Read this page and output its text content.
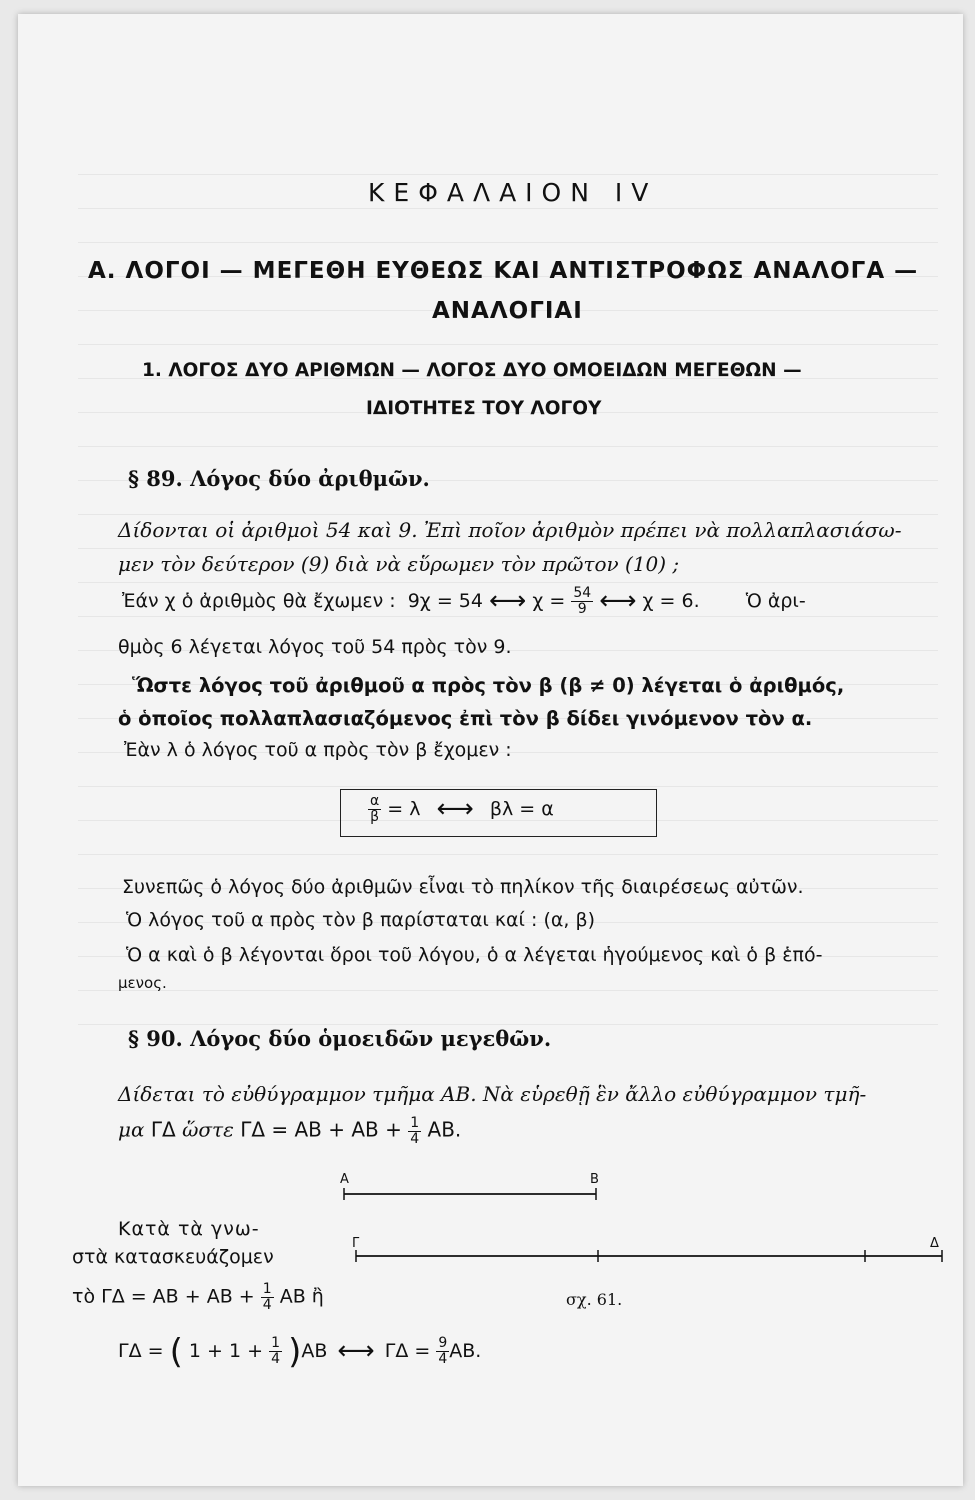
ΚΕΦΑΛΑΙΟΝ ΙV
Α. ΛΟΓΟΙ — ΜΕΓΕΘΗ ΕΥΘΕΩΣ ΚΑΙ ΑΝΤΙΣΤΡΟΦΩΣ ΑΝΑΛΟΓΑ —
ΑΝΑΛΟΓΙΑΙ
1. ΛΟΓΟΣ ΔΥΟ ΑΡΙΘΜΩΝ — ΛΟΓΟΣ ΔΥΟ ΟΜΟΕΙΔΩΝ ΜΕΓΕΘΩΝ —
ΙΔΙΟΤΗΤΕΣ ΤΟΥ ΛΟΓΟΥ
§ 89. Λόγος δύο ἀριθμῶν.
Δίδονται οἱ ἀριθμοὶ 54 καὶ 9. Ἐπὶ ποῖον ἀριθμὸν πρέπει νὰ πολλαπλασιάσω-
μεν τὸν δεύτερον (9) διὰ νὰ εὕρωμεν τὸν πρῶτον (10) ;
Ἐάν χ ὁ ἀριθμὸς θὰ ἔχωμεν : 9χ = 54 ⟷ $\chi = \frac{54}{9}$ ⟷ χ = 6. Ὁ ἀρι-
θμὸς 6 λέγεται λόγος τοῦ 54 πρὸς τὸν 9.
Ὥστε λόγος τοῦ ἀριθμοῦ α πρὸς τὸν β (β ≠ 0) λέγεται ὁ ἀριθμός,
ὁ ὁποῖος πολλαπλασιαζόμενος ἐπὶ τὸν β δίδει γινόμενον τὸν α.
Ἐὰν λ ὁ λόγος τοῦ α πρὸς τὸν β ἔχομεν :
$\frac{\alpha}{\beta} = \lambda$ ⟷ βλ = α
Συνεπῶς ὁ λόγος δύο ἀριθμῶν εἶναι τὸ πηλίκον τῆς διαιρέσεως αὐτῶν.
Ὁ λόγος τοῦ α πρὸς τὸν β παρίσταται καί : (α, β)
Ὁ α καὶ ὁ β λέγονται ὅροι τοῦ λόγου, ὁ α λέγεται ἡγούμενος καὶ ὁ β ἑπό-
μενος.
§ 90. Λόγος δύο ὁμοειδῶν μεγεθῶν.
Δίδεται τὸ εὐθύγραμμον τμῆμα ΑΒ. Νὰ εὑρεθῇ ἓν ἄλλο εὐθύγραμμον τμῆ-
μα ΓΔ ὥστε $\Gamma\Delta = AB + AB + \frac{1}{4} AB$.
Α	Β
Γ	Δ
σχ. 61.
Κατὰ τὰ γνω-
στὰ κατασκευάζομεν
τὸ $\Gamma\Delta = AB + AB + \frac{1}{4}$ ΑΒ ἢ
ΓΔ = ( $1 + 1 + \frac{1}{4} )AB$ ⟷ $\Gamma\Delta = \frac{9}{4} AB$.
